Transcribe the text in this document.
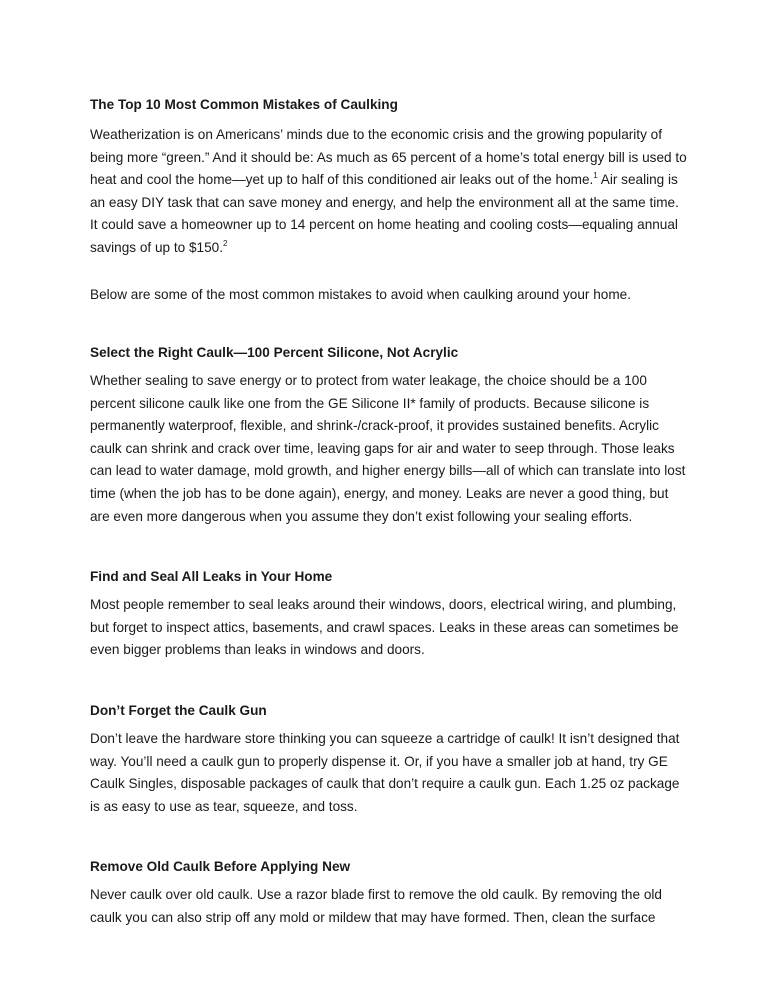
The Top 10 Most Common Mistakes of Caulking
Weatherization is on Americans’ minds due to the economic crisis and the growing popularity of being more “green.” And it should be: As much as 65 percent of a home’s total energy bill is used to heat and cool the home—yet up to half of this conditioned air leaks out of the home.$^1$ Air sealing is an easy DIY task that can save money and energy, and help the environment all at the same time. It could save a homeowner up to 14 percent on home heating and cooling costs—equaling annual savings of up to $150.$^2$
Below are some of the most common mistakes to avoid when caulking around your home.
Select the Right Caulk—100 Percent Silicone, Not Acrylic
Whether sealing to save energy or to protect from water leakage, the choice should be a 100 percent silicone caulk like one from the GE Silicone II* family of products. Because silicone is permanently waterproof, flexible, and shrink-/crack-proof, it provides sustained benefits. Acrylic caulk can shrink and crack over time, leaving gaps for air and water to seep through. Those leaks can lead to water damage, mold growth, and higher energy bills—all of which can translate into lost time (when the job has to be done again), energy, and money. Leaks are never a good thing, but are even more dangerous when you assume they don’t exist following your sealing efforts.
Find and Seal All Leaks in Your Home
Most people remember to seal leaks around their windows, doors, electrical wiring, and plumbing, but forget to inspect attics, basements, and crawl spaces. Leaks in these areas can sometimes be even bigger problems than leaks in windows and doors.
Don’t Forget the Caulk Gun
Don’t leave the hardware store thinking you can squeeze a cartridge of caulk! It isn’t designed that way. You’ll need a caulk gun to properly dispense it. Or, if you have a smaller job at hand, try GE Caulk Singles, disposable packages of caulk that don’t require a caulk gun. Each 1.25 oz package is as easy to use as tear, squeeze, and toss.
Remove Old Caulk Before Applying New
Never caulk over old caulk. Use a razor blade first to remove the old caulk. By removing the old caulk you can also strip off any mold or mildew that may have formed. Then, clean the surface
